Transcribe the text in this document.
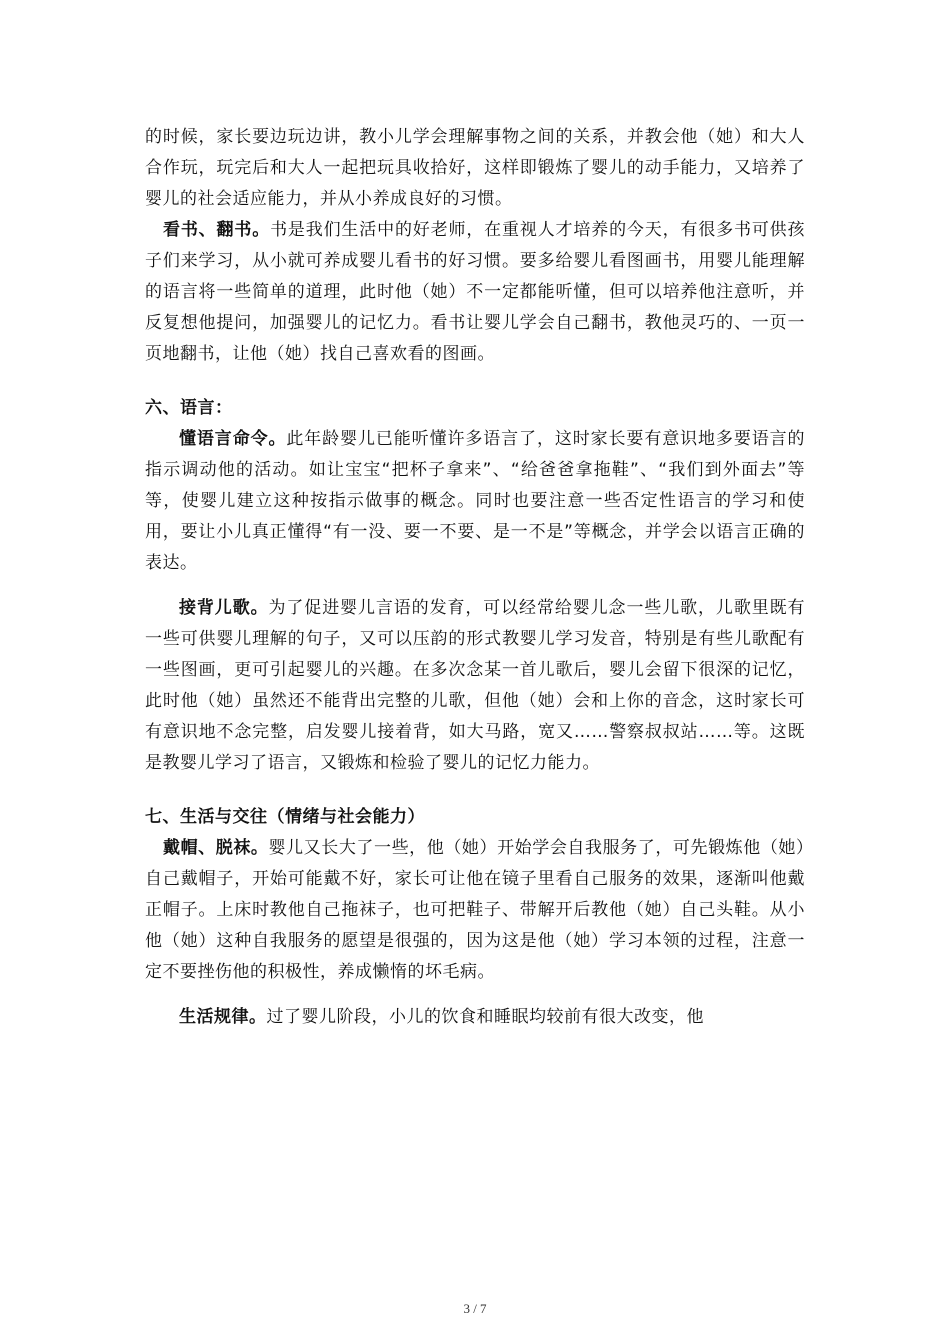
的时候，家长要边玩边讲，教小儿学会理解事物之间的关系，并教会他（她）和大人合作玩，玩完后和大人一起把玩具收拾好，这样即锻炼了婴儿的动手能力，又培养了婴儿的社会适应能力，并从小养成良好的习惯。

看书、翻书。书是我们生活中的好老师，在重视人才培养的今天，有很多书可供孩子们来学习，从小就可养成婴儿看书的好习惯。要多给婴儿看图画书，用婴儿能理解的语言将一些简单的道理，此时他（她）不一定都能听懂，但可以培养他注意听，并反复想他提问，加强婴儿的记忆力。看书让婴儿学会自己翻书，教他灵巧的、一页一页地翻书，让他（她）找自己喜欢看的图画。

六、语言：

懂语言命令。此年龄婴儿已能听懂许多语言了，这时家长要有意识地多要语言的指示调动他的活动。如让宝宝“把杯子拿来”、“给爸爸拿拖鞋”、“我们到外面去”等等，使婴儿建立这种按指示做事的概念。同时也要注意一些否定性语言的学习和使用，要让小儿真正懂得“有一没、要一不要、是一不是”等概念，并学会以语言正确的表达。

接背儿歌。为了促进婴儿言语的发育，可以经常给婴儿念一些儿歌，儿歌里既有一些可供婴儿理解的句子，又可以压韵的形式教婴儿学习发音，特别是有些儿歌配有一些图画，更可引起婴儿的兴趣。在多次念某一首儿歌后，婴儿会留下很深的记忆，此时他（她）虽然还不能背出完整的儿歌，但他（她）会和上你的音念，这时家长可有意识地不念完整，启发婴儿接着背，如大马路，宽又……警察叔叔站……等。这既是教婴儿学习了语言，又锻炼和检验了婴儿的记忆力能力。

七、生活与交往（情绪与社会能力）

戴帽、脱袜。婴儿又长大了一些，他（她）开始学会自我服务了，可先锻炼他（她）自己戴帽子，开始可能戴不好，家长可让他在镜子里看自己服务的效果，逐渐叫他戴正帽子。上床时教他自己拖袜子，也可把鞋子、带解开后教他（她）自己头鞋。从小他（她）这种自我服务的愿望是很强的，因为这是他（她）学习本领的过程，注意一定不要挫伤他的积极性，养成懒惰的坏毛病。

生活规律。过了婴儿阶段，小儿的饮食和睡眠均较前有很大改变，他

3 / 7
